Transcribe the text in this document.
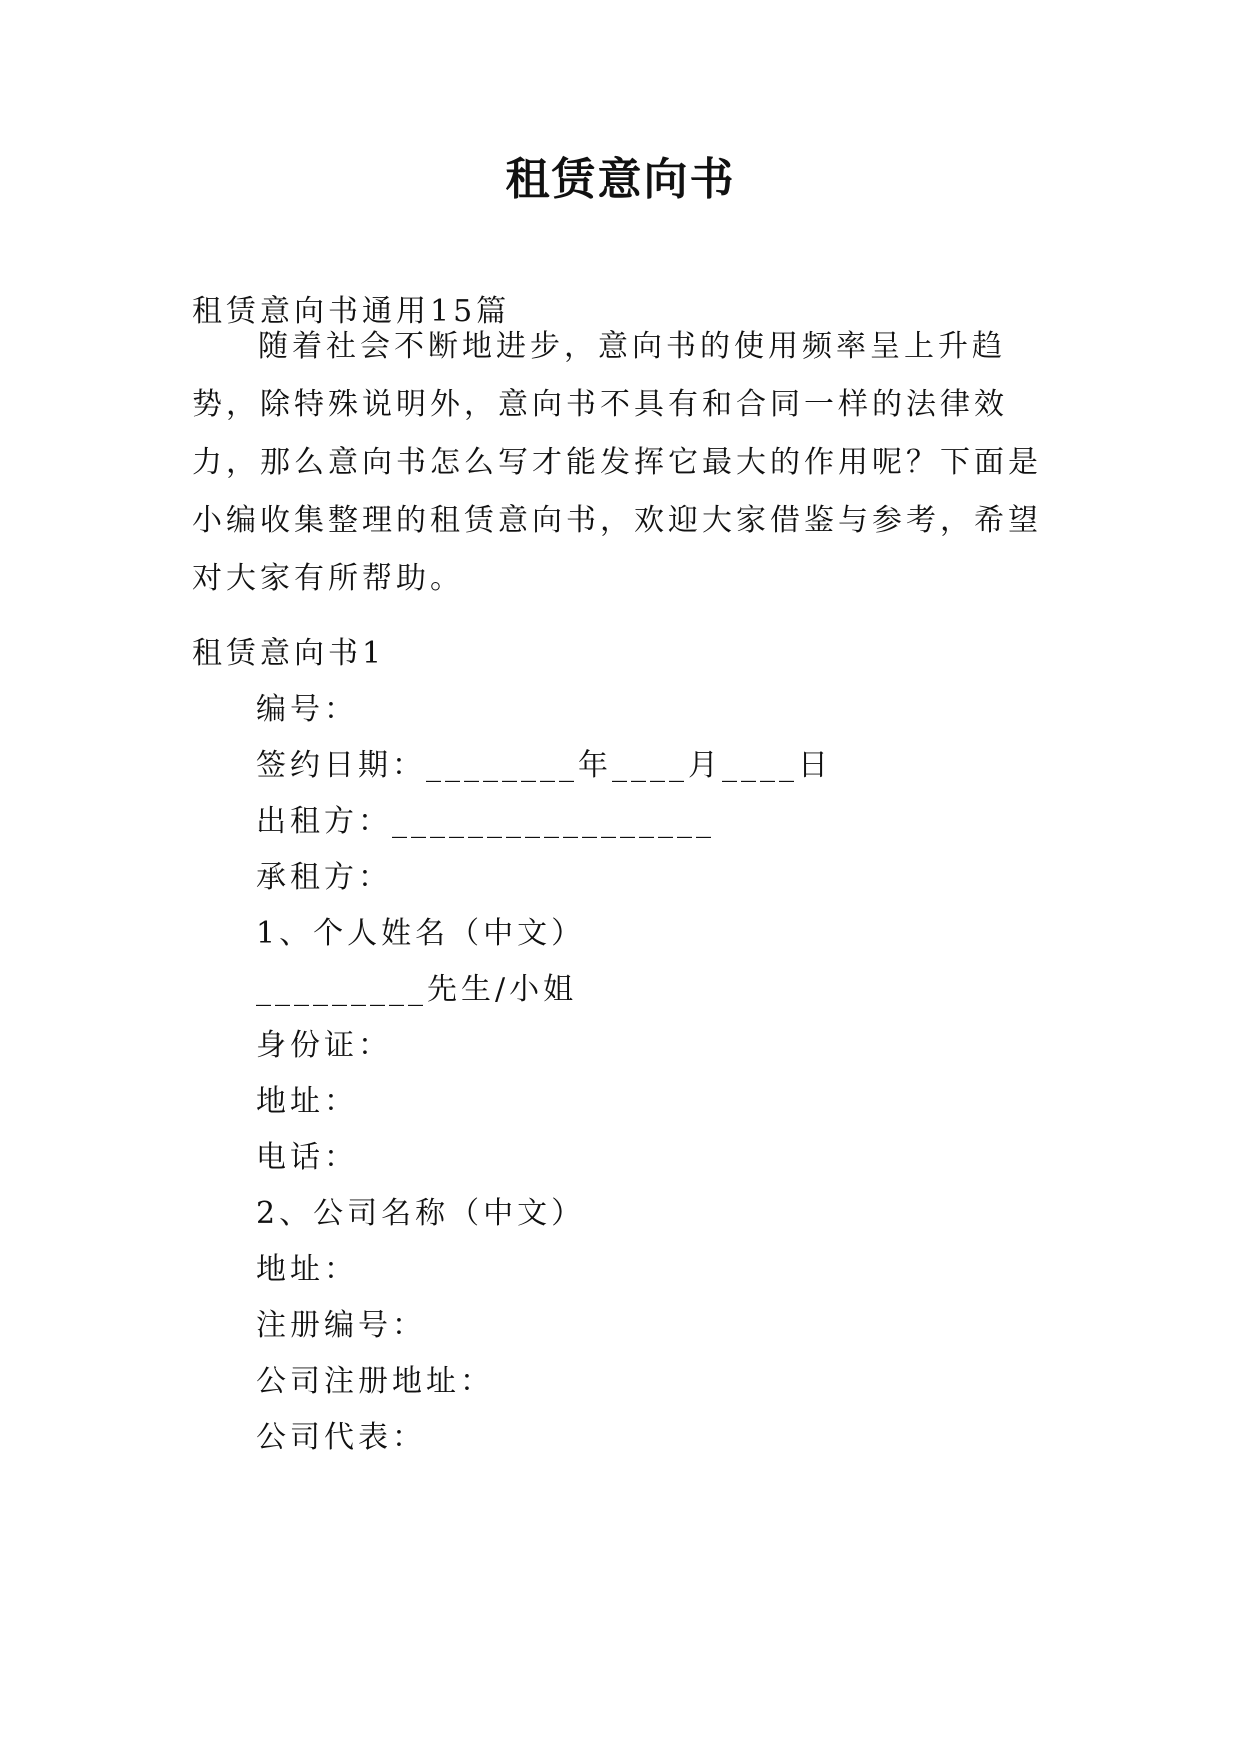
租赁意向书
租赁意向书通用15篇
随着社会不断地进步，意向书的使用频率呈上升趋势，除特殊说明外，意向书不具有和合同一样的法律效力，那么意向书怎么写才能发挥它最大的作用呢？下面是小编收集整理的租赁意向书，欢迎大家借鉴与参考，希望对大家有所帮助。
租赁意向书1
编号：
签约日期：________年____月____日
出租方：_________________
承租方：
1、个人姓名（中文）
_________先生/小姐
身份证：
地址：
电话：
2、公司名称（中文）
地址：
注册编号：
公司注册地址：
公司代表：
